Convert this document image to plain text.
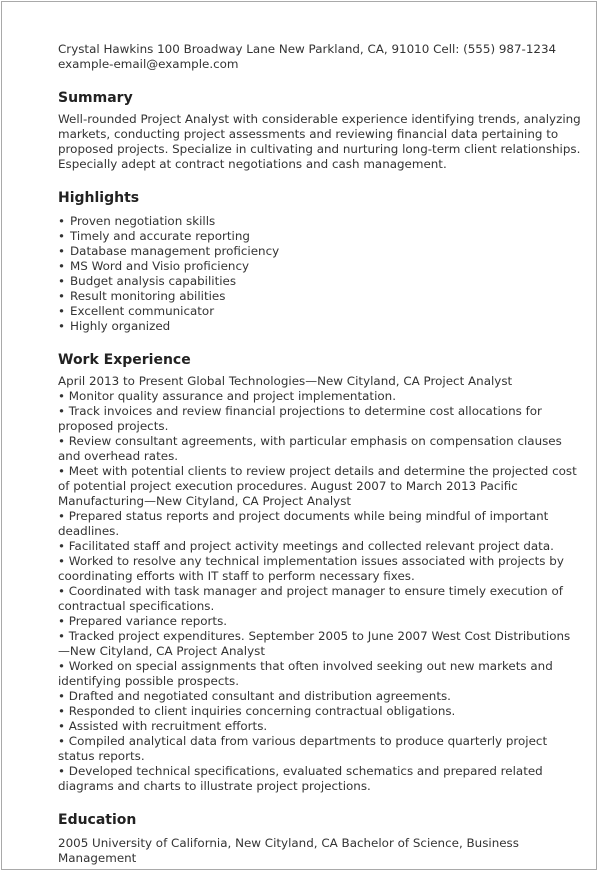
Crystal Hawkins 100 Broadway Lane New Parkland, CA, 91010 Cell: (555) 987-1234 example-email@example.com

Summary

Well-rounded Project Analyst with considerable experience identifying trends, analyzing markets, conducting project assessments and reviewing financial data pertaining to proposed projects. Specialize in cultivating and nurturing long-term client relationships. Especially adept at contract negotiations and cash management.

Highlights
• Proven negotiation skills
• Timely and accurate reporting
• Database management proficiency
• MS Word and Visio proficiency
• Budget analysis capabilities
• Result monitoring abilities
• Excellent communicator
• Highly organized
Work Experience

April 2013 to Present Global Technologies—New Cityland, CA Project Analyst
• Monitor quality assurance and project implementation.
• Track invoices and review financial projections to determine cost allocations for proposed projects.
• Review consultant agreements, with particular emphasis on compensation clauses and overhead rates.
• Meet with potential clients to review project details and determine the projected cost of potential project execution procedures. August 2007 to March 2013 Pacific Manufacturing—New Cityland, CA Project Analyst
• Prepared status reports and project documents while being mindful of important deadlines.
• Facilitated staff and project activity meetings and collected relevant project data.
• Worked to resolve any technical implementation issues associated with projects by coordinating efforts with IT staff to perform necessary fixes.
• Coordinated with task manager and project manager to ensure timely execution of contractual specifications.
• Prepared variance reports.
• Tracked project expenditures. September 2005 to June 2007 West Cost Distributions—New Cityland, CA Project Analyst
• Worked on special assignments that often involved seeking out new markets and identifying possible prospects.
• Drafted and negotiated consultant and distribution agreements.
• Responded to client inquiries concerning contractual obligations.
• Assisted with recruitment efforts.
• Compiled analytical data from various departments to produce quarterly project status reports.
• Developed technical specifications, evaluated schematics and prepared related diagrams and charts to illustrate project projections.

Education

2005 University of California, New Cityland, CA Bachelor of Science, Business Management
